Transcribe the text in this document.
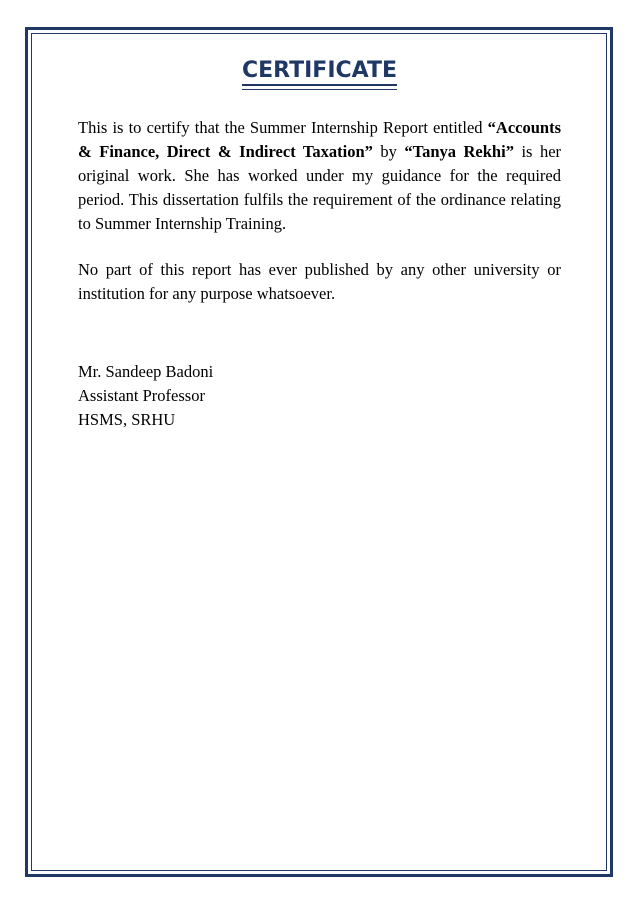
CERTIFICATE

This is to certify that the Summer Internship Report entitled “Accounts & Finance, Direct & Indirect Taxation” by “Tanya Rekhi” is her original work. She has worked under my guidance for the required period. This dissertation fulfils the requirement of the ordinance relating to Summer Internship Training.

No part of this report has ever published by any other university or institution for any purpose whatsoever.

Mr. Sandeep Badoni
Assistant Professor
HSMS, SRHU
